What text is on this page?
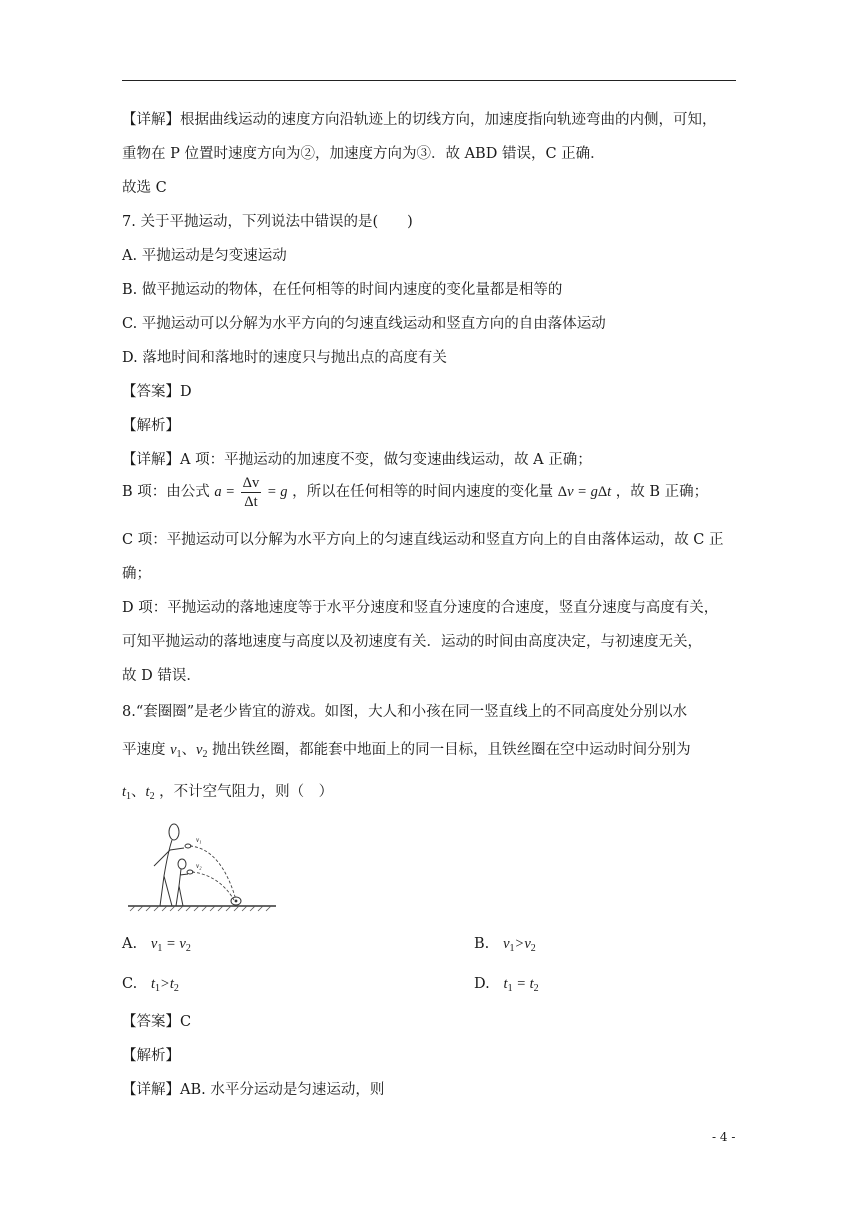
【详解】根据曲线运动的速度方向沿轨迹上的切线方向，加速度指向轨迹弯曲的内侧，可知，
重物在 P 位置时速度方向为②，加速度方向为③．故 ABD 错误，C 正确．
故选 C
7. 关于平抛运动，下列说法中错误的是(　　)
A. 平抛运动是匀变速运动
B. 做平抛运动的物体，在任何相等的时间内速度的变化量都是相等的
C. 平抛运动可以分解为水平方向的匀速直线运动和竖直方向的自由落体运动
D. 落地时间和落地时的速度只与抛出点的高度有关
【答案】D
【解析】
【详解】A 项：平抛运动的加速度不变，做匀变速曲线运动，故 A 正确；
B 项：由公式 $a = \frac{\Delta v}{\Delta t} = g$ ，所以在任何相等的时间内速度的变化量 Δv = gΔt ，故 B 正确；
C 项：平抛运动可以分解为水平方向上的匀速直线运动和竖直方向上的自由落体运动，故 C 正
确；
D 项：平抛运动的落地速度等于水平分速度和竖直分速度的合速度，竖直分速度与高度有关，
可知平抛运动的落地速度与高度以及初速度有关．运动的时间由高度决定，与初速度无关，
故 D 错误．
8.“套圈圈”是老少皆宜的游戏。如图，大人和小孩在同一竖直线上的不同高度处分别以水
平速度 $v_1$、$v_2$ 抛出铁丝圈，都能套中地面上的同一目标，且铁丝圈在空中运动时间分别为
$t_1$、$t_2$ ，不计空气阻力，则（　）
v₁
v₂
A. $v_1 = v_2$	B. $v_1>v_2$
C. $t_1>t_2$	D. $t_1 = t_2$
【答案】C
【解析】
【详解】AB. 水平分运动是匀速运动，则
- 4 -
